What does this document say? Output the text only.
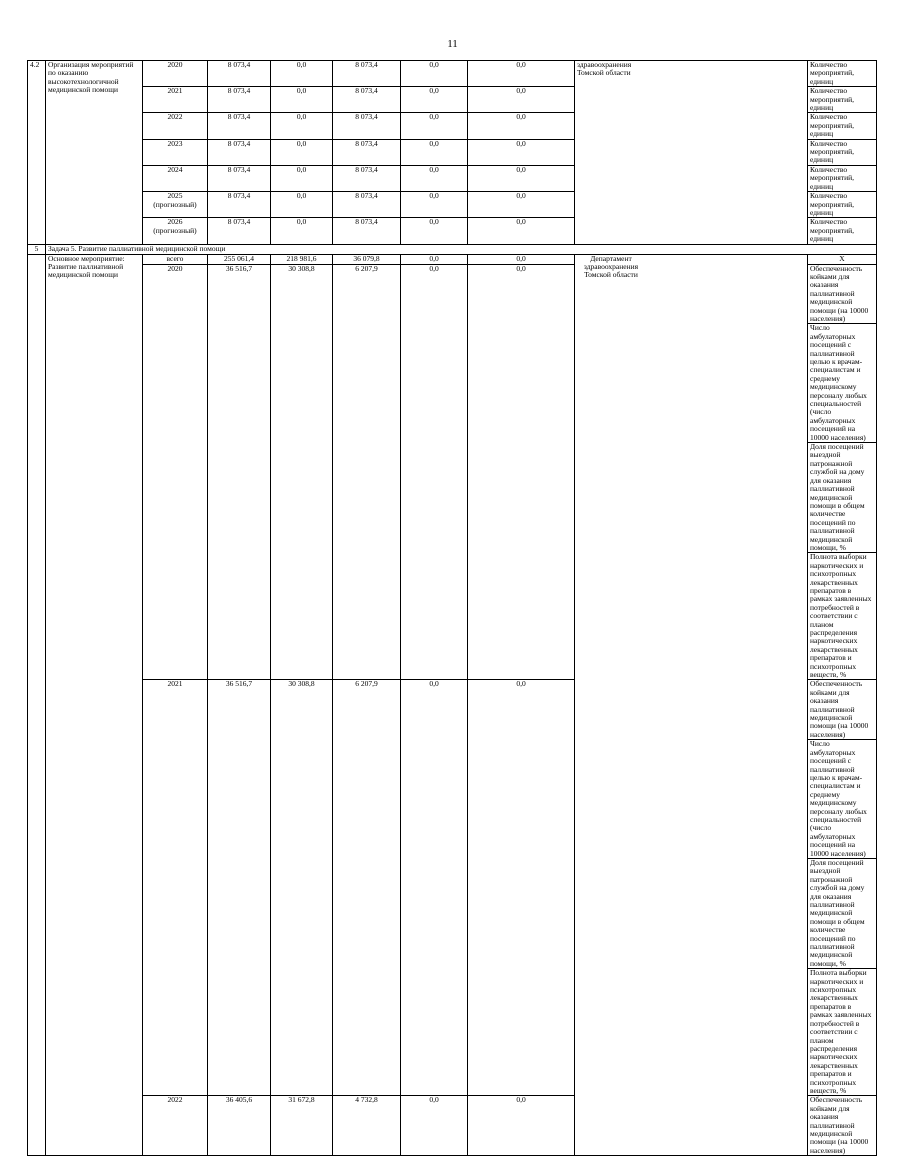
11
4.2	Организация мероприятий по оказанию высокотехнологичной медицинской помощи	2020	8 073,4	0,0	8 073,4	0,0	0,0	здравоохранения Томской области	Количество мероприятий, единиц	
		2021	8 073,4	0,0	8 073,4	0,0	0,0		Количество мероприятий, единиц	
		2022	8 073,4	0,0	8 073,4	0,0	0,0		Количество мероприятий, единиц	
		2023	8 073,4	0,0	8 073,4	0,0	0,0		Количество мероприятий, единиц	
		2024	8 073,4	0,0	8 073,4	0,0	0,0		Количество мероприятий, единиц	
		2025 (прогнозный)	8 073,4	0,0	8 073,4	0,0	0,0		Количество мероприятий, единиц	
		2026 (прогнозный)	8 073,4	0,0	8 073,4	0,0	0,0		Количество мероприятий, единиц	
5	Задача 5. Развитие паллиативной медицинской помощи									
	Основное мероприятие: Развитие паллиативной медицинской помощи	всего	255 061,4	218 981,6	36 079,8	0,0	0,0	Департамент здравоохранения Томской области	X	
		2020	36 516,7	30 308,8	6 207,9	0,0	0,0		Обеспеченность койками для оказания паллиативной медицинской помощи (на 10000 населения)	
									Число амбулаторных посещений с паллиативной целью к врачам-специалистам и среднему медицинскому персоналу любых специальностей (число амбулаторных посещений на 10000 населения)	
									Доля посещений выездной патронажной службой на дому для оказания паллиативной медицинской помощи в общем количестве посещений по паллиативной медицинской помощи, %	
									Полнота выборки наркотических и психотропных лекарственных препаратов в рамках заявленных потребностей в соответствии с планом распределения наркотических лекарственных препаратов и психотропных веществ, %	
		2021	36 516,7	30 308,8	6 207,9	0,0	0,0		Обеспеченность койками для оказания паллиативной медицинской помощи (на 10000 населения)	
									Число амбулаторных посещений с паллиативной целью к врачам-специалистам и среднему медицинскому персоналу любых специальностей (число амбулаторных посещений на 10000 населения)	
									Доля посещений выездной патронажной службой на дому для оказания паллиативной медицинской помощи в общем количестве посещений по паллиативной медицинской помощи, %	
									Полнота выборки наркотических и психотропных лекарственных препаратов в рамках заявленных потребностей в соответствии с планом распределения наркотических лекарственных препаратов и психотропных веществ, %	
		2022	36 405,6	31 672,8	4 732,8	0,0	0,0		Обеспеченность койками для оказания паллиативной медицинской помощи (на 10000 населения)	
